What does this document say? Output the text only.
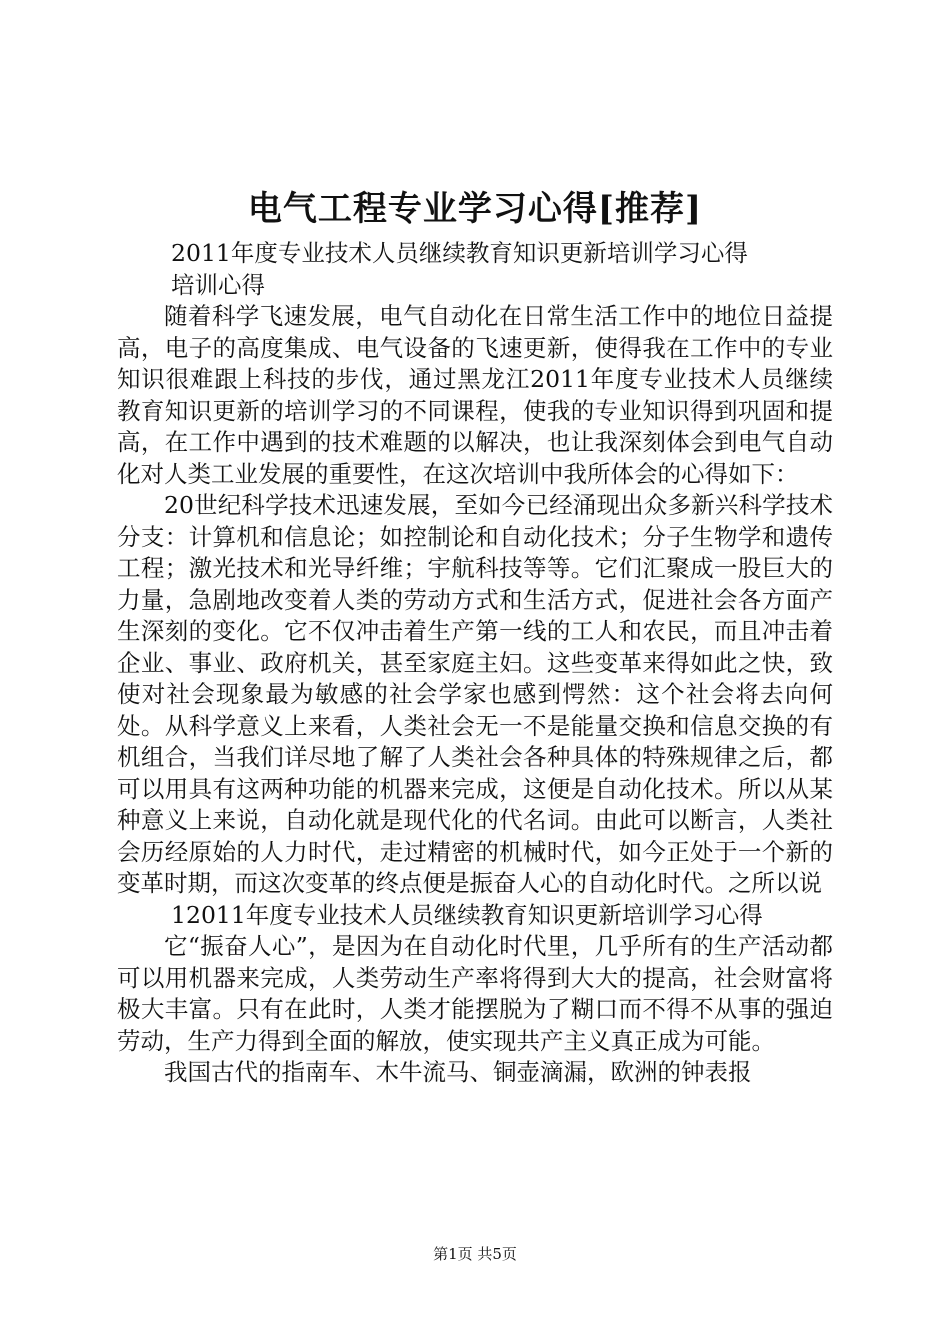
电气工程专业学习心得[推荐]

2011年度专业技术人员继续教育知识更新培训学习心得

培训心得

随着科学飞速发展，电气自动化在日常生活工作中的地位日益提高，电子的高度集成、电气设备的飞速更新，使得我在工作中的专业知识很难跟上科技的步伐，通过黑龙江2011年度专业技术人员继续教育知识更新的培训学习的不同课程，使我的专业知识得到巩固和提高，在工作中遇到的技术难题的以解决，也让我深刻体会到电气自动化对人类工业发展的重要性，在这次培训中我所体会的心得如下：

20世纪科学技术迅速发展，至如今已经涌现出众多新兴科学技术分支：计算机和信息论；如控制论和自动化技术；分子生物学和遗传工程；激光技术和光导纤维；宇航科技等等。它们汇聚成一股巨大的力量，急剧地改变着人类的劳动方式和生活方式，促进社会各方面产生深刻的变化。它不仅冲击着生产第一线的工人和农民，而且冲击着企业、事业、政府机关，甚至家庭主妇。这些变革来得如此之快，致使对社会现象最为敏感的社会学家也感到愕然：这个社会将去向何处。从科学意义上来看，人类社会无一不是能量交换和信息交换的有机组合，当我们详尽地了解了人类社会各种具体的特殊规律之后，都可以用具有这两种功能的机器来完成，这便是自动化技术。所以从某种意义上来说，自动化就是现代化的代名词。由此可以断言，人类社会历经原始的人力时代，走过精密的机械时代，如今正处于一个新的变革时期，而这次变革的终点便是振奋人心的自动化时代。之所以说

12011年度专业技术人员继续教育知识更新培训学习心得

它“振奋人心”，是因为在自动化时代里，几乎所有的生产活动都可以用机器来完成，人类劳动生产率将得到大大的提高，社会财富将极大丰富。只有在此时，人类才能摆脱为了糊口而不得不从事的强迫劳动，生产力得到全面的解放，使实现共产主义真正成为可能。

我国古代的指南车、木牛流马、铜壶滴漏，欧洲的钟表报

第1页 共5页
